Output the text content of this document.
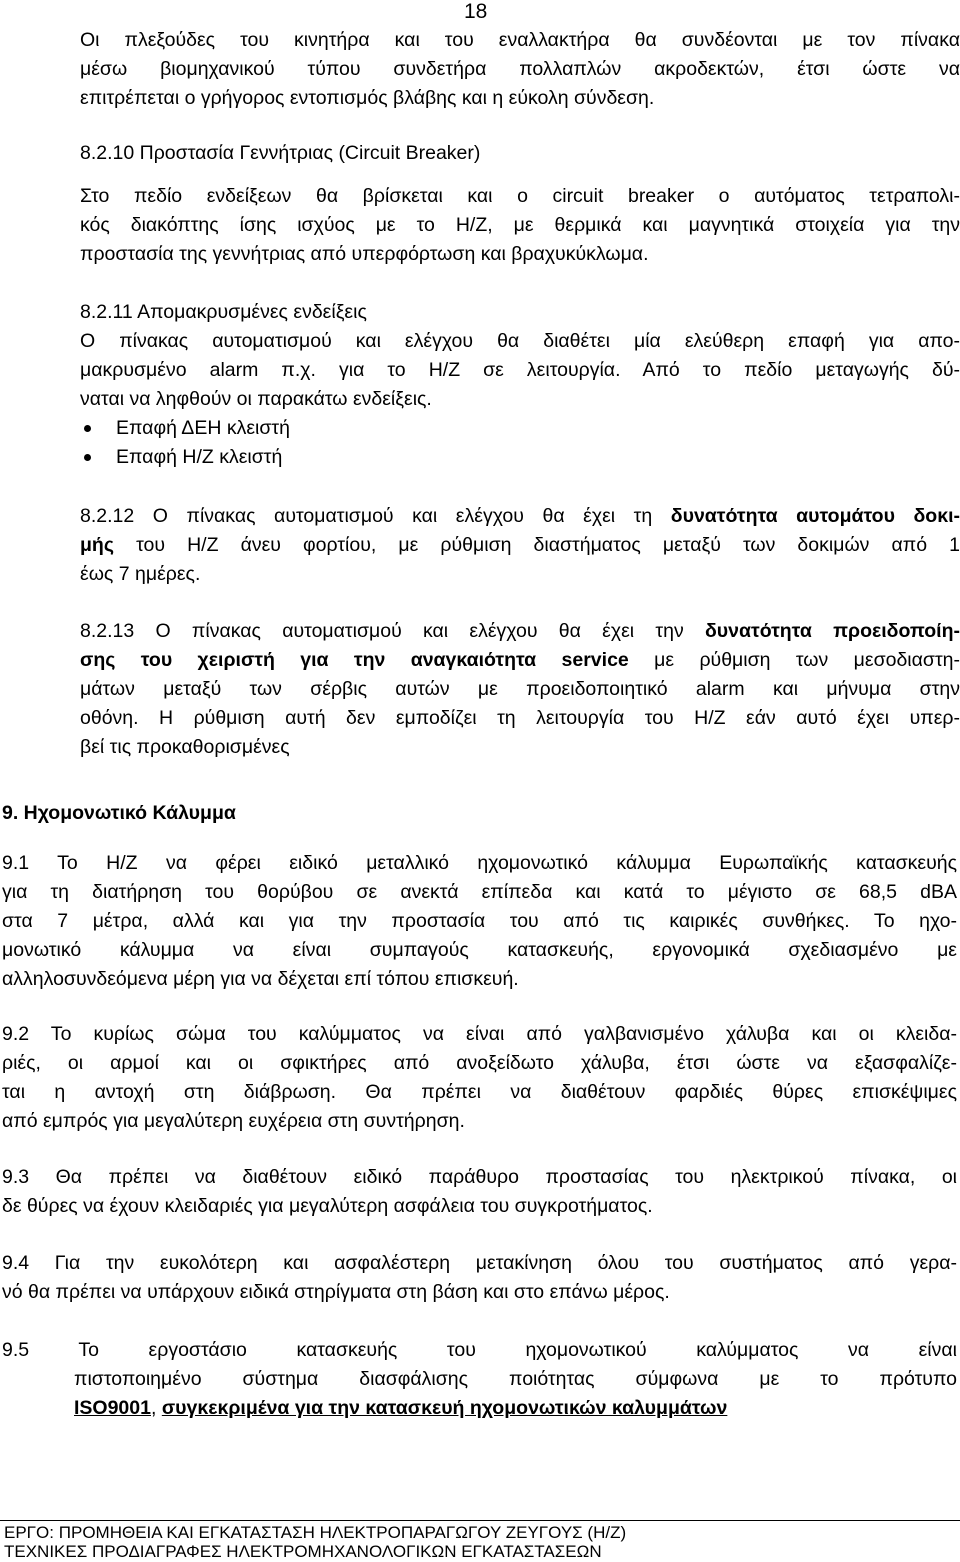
18
Οι πλεξούδες του κινητήρα και του εναλλακτήρα θα συνδέονται με τον πίνακα
μέσω βιομηχανικού τύπου συνδετήρα πολλαπλών ακροδεκτών, έτσι ώστε να
επιτρέπεται ο γρήγορος εντοπισμός βλάβης και η εύκολη σύνδεση.
8.2.10 Προστασία Γεννήτριας (Circuit Breaker)
Στο πεδίο ενδείξεων θα βρίσκεται και ο circuit breaker ο αυτόματος τετραπολι-
κός διακόπτης ίσης ισχύος με το Η/Ζ, με θερμικά και μαγνητικά στοιχεία για την
προστασία της γεννήτριας από υπερφόρτωση και βραχυκύκλωμα.
8.2.11 Απομακρυσμένες ενδείξεις
Ο πίνακας αυτοματισμού και ελέγχου θα διαθέτει μία ελεύθερη επαφή για απο-
μακρυσμένο alarm π.χ. για το Η/Ζ σε λειτουργία. Από το πεδίο μεταγωγής δύ-
ναται να ληφθούν οι παρακάτω ενδείξεις.
Επαφή ΔΕΗ κλειστή
Επαφή Η/Ζ κλειστή
8.2.12 Ο πίνακας αυτοματισμού και ελέγχου θα έχει τη δυνατότητα αυτομάτου δοκι-
μής του Η/Ζ άνευ φορτίου, με ρύθμιση διαστήματος μεταξύ των δοκιμών από 1
έως 7 ημέρες.
8.2.13 Ο πίνακας αυτοματισμού και ελέγχου θα έχει την δυνατότητα προειδοποίη-
σης του χειριστή για την αναγκαιότητα service με ρύθμιση των μεσοδιαστη-
μάτων μεταξύ των σέρβις αυτών με προειδοποιητικό alarm και μήνυμα στην
οθόνη. Η ρύθμιση αυτή δεν εμποδίζει τη λειτουργία του Η/Ζ εάν αυτό έχει υπερ-
βεί τις προκαθορισμένες
9. Ηχομονωτικό Κάλυμμα
9.1 Το Η/Ζ να φέρει ειδικό μεταλλικό ηχομονωτικό κάλυμμα Ευρωπαϊκής κατασκευής
για τη διατήρηση του θορύβου σε ανεκτά επίπεδα και κατά το μέγιστο σε 68,5 dBA
στα 7 μέτρα, αλλά και για την προστασία του από τις καιρικές συνθήκες. Το ηχο-
μονωτικό κάλυμμα να είναι συμπαγούς κατασκευής, εργονομικά σχεδιασμένο με
αλληλοσυνδεόμενα μέρη για να δέχεται επί τόπου επισκευή.
9.2 Το κυρίως σώμα του καλύμματος να είναι από γαλβανισμένο χάλυβα και οι κλειδα-
ριές, οι αρμοί και οι σφικτήρες από ανοξείδωτο χάλυβα, έτσι ώστε να εξασφαλίζε-
ται η αντοχή στη διάβρωση. Θα πρέπει να διαθέτουν φαρδιές θύρες επισκέψιμες
από εμπρός για μεγαλύτερη ευχέρεια στη συντήρηση.
9.3 Θα πρέπει να διαθέτουν ειδικό παράθυρο προστασίας του ηλεκτρικού πίνακα, οι
δε θύρες να έχουν κλειδαριές για μεγαλύτερη ασφάλεια του συγκροτήματος.
9.4 Για την ευκολότερη και ασφαλέστερη μετακίνηση όλου του συστήματος από γερα-
νό θα πρέπει να υπάρχουν ειδικά στηρίγματα στη βάση και στο επάνω μέρος.
9.5 Το εργοστάσιο κατασκευής του ηχομονωτικού καλύμματος να είναι
πιστοποιημένο σύστημα διασφάλισης ποιότητας σύμφωνα με το πρότυπο
ISO9001, συγκεκριμένα για την κατασκευή ηχομονωτικών καλυμμάτων
ΕΡΓΟ: ΠΡΟΜΗΘΕΙΑ ΚΑΙ ΕΓΚΑΤΑΣΤΑΣΗ ΗΛΕΚΤΡΟΠΑΡΑΓΩΓΟΥ ΖΕΥΓΟΥΣ (Η/Ζ)
ΤΕΧΝΙΚΕΣ ΠΡΟΔΙΑΓΡΑΦΕΣ ΗΛΕΚΤΡΟΜΗΧΑΝΟΛΟΓΙΚΩΝ ΕΓΚΑΤΑΣΤΑΣΕΩΝ
